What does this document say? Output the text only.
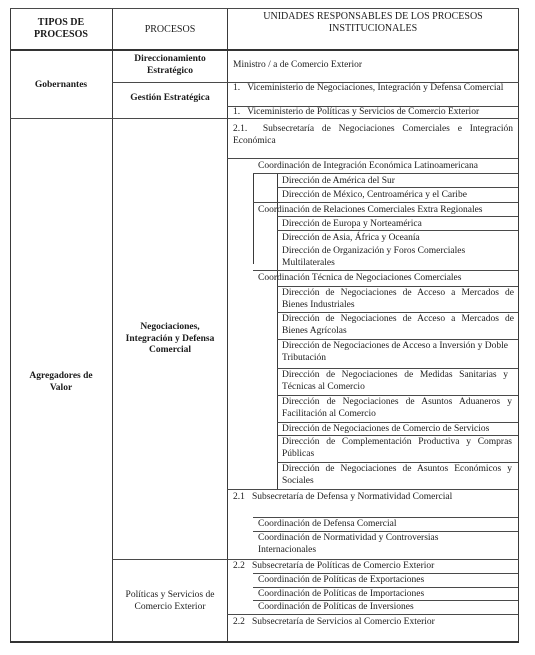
TIPOS DE PROCESOS	PROCESOS
UNIDADES RESPONSABLES DE LOS PROCESOS INSTITUCIONALES
Gobernantes
Direccionamiento Estratégico
Gestión Estratégica
Ministro / a de Comercio Exterior
1.   Viceministerio de Negociaciones, Integración y Defensa Comercial
1.   Viceministerio de Políticas y Servicios de Comercio Exterior
Agregadores de Valor
Negociaciones, Integración y Defensa Comercial
Políticas y Servicios de Comercio Exterior
2.1.  Subsecretaría de Negociaciones Comerciales e Integración Económica
Coordinación de Integración Económica Latinoamericana
Dirección de América del Sur
Dirección de México, Centroamérica y el Caribe
Coordinación de Relaciones Comerciales Extra Regionales
Dirección de Europa y Norteamérica
Dirección de Asia, África y Oceanía
Dirección de Organización y Foros Comerciales Multilaterales
Coordinación Técnica de Negociaciones Comerciales
Dirección de Negociaciones de Acceso a Mercados de Bienes Industriales
Dirección de Negociaciones de Acceso a Mercados de Bienes Agrícolas
Dirección de Negociaciones de Acceso a Inversión y Doble Tributación
Dirección de Negociaciones de Medidas Sanitarias y Técnicas al Comercio
Dirección de Negociaciones de Asuntos Aduaneros y Facilitación al Comercio
Dirección de Negociaciones de Comercio de Servicios
Dirección de Complementación Productiva y Compras Públicas
Dirección de Negociaciones de Asuntos Económicos y Sociales
2.1   Subsecretaría de Defensa y Normatividad Comercial
Coordinación de Defensa Comercial
Coordinación de Normatividad y Controversias Internacionales
2.2   Subsecretaría de Políticas de Comercio Exterior
Coordinación de Políticas de Exportaciones
Coordinación de Políticas de Importaciones
Coordinación de Políticas de Inversiones
2.2   Subsecretaría de Servicios al Comercio Exterior
